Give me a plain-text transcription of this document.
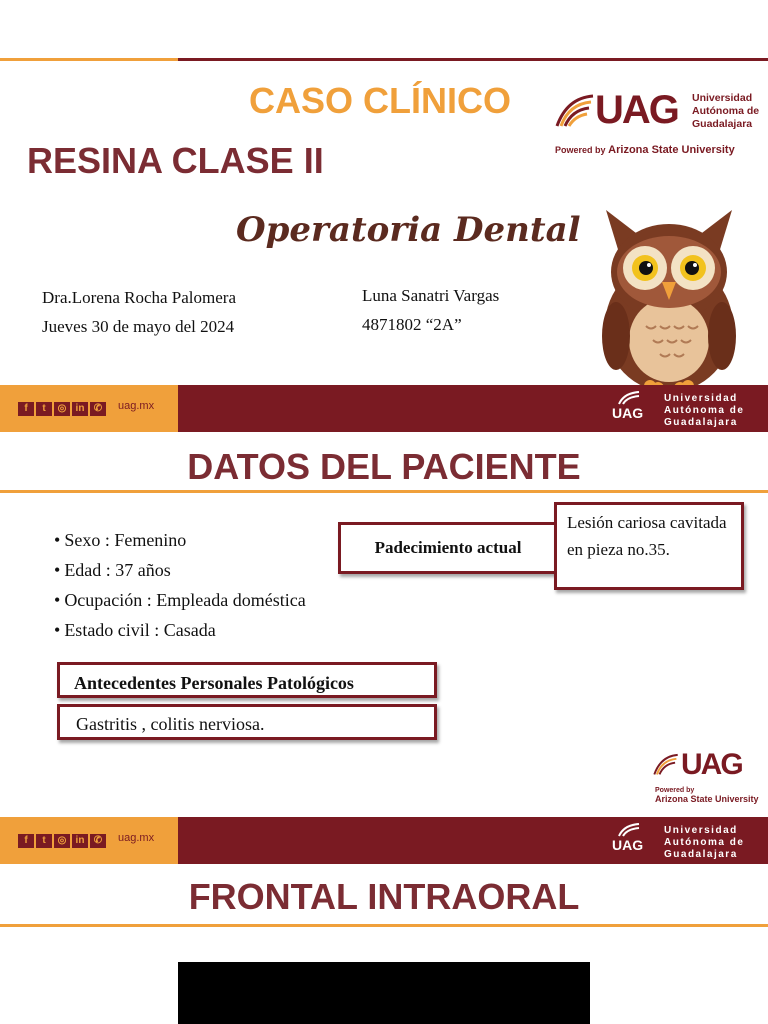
CASO CLÍNICO
RESINA CLASE II
Operatoria Dental
Dra.Lorena Rocha Palomera
Jueves 30 de mayo del 2024
Luna Sanatri Vargas
4871802 “2A”
UAG Universidad
Autónoma de
Guadalajara
Powered by Arizona State University
f	t	◎ in ✆	uag.mx	UAG
Universidad
Autónoma de
Guadalajara
DATOS DEL PACIENTE
• Sexo : Femenino
• Edad : 37 años
• Ocupación : Empleada doméstica
• Estado civil : Casada
Padecimiento actual
Lesión cariosa cavitada en pieza no.35.
Antecedentes Personales Patológicos
Gastritis , colitis nerviosa.
UAG
Powered by
Arizona State University
f	t	◎ in ✆	uag.mx	UAG
Universidad
Autónoma de
Guadalajara
FRONTAL INTRAORAL
